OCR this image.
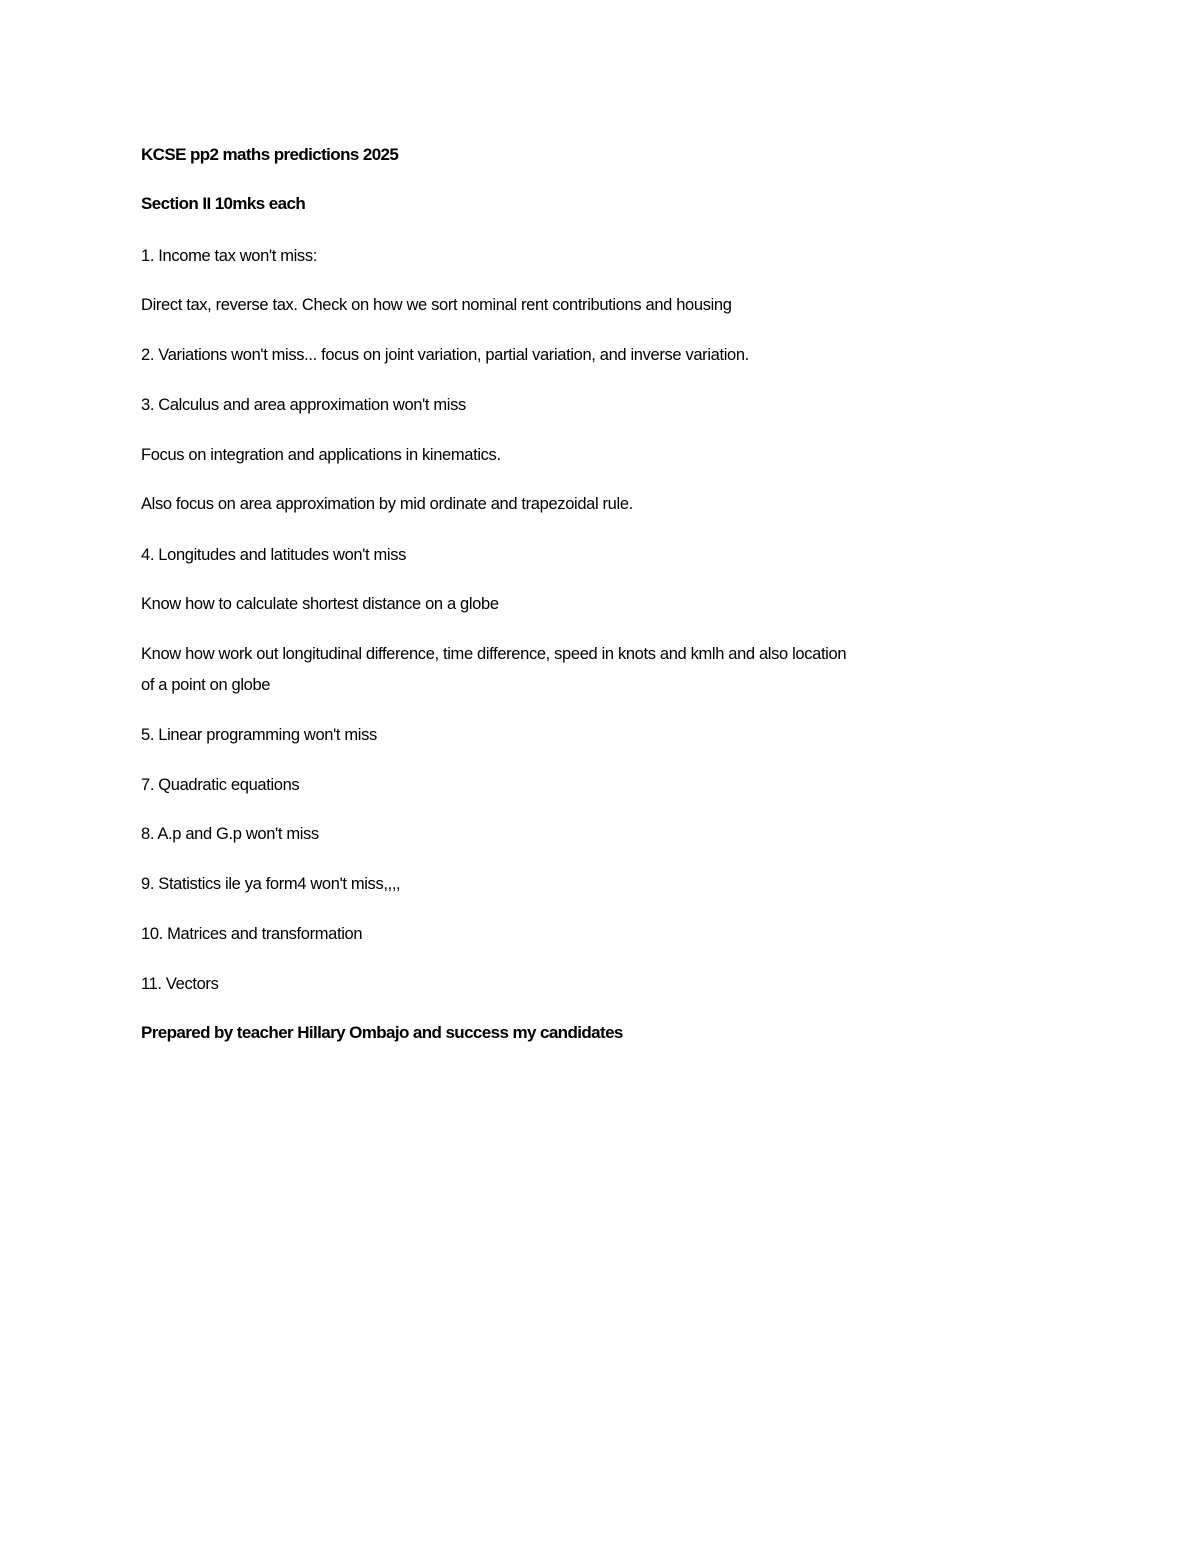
KCSE pp2 maths predictions 2025
Section II 10mks each
1. Income tax won't miss:
Direct tax, reverse tax. Check on how we sort nominal rent contributions and housing
2. Variations won't miss... focus on joint variation, partial variation, and inverse variation.
3. Calculus and area approximation won't miss
Focus on integration and applications in kinematics.
Also focus on area approximation by mid ordinate and trapezoidal rule.
4. Longitudes and latitudes won't miss
Know how to calculate shortest distance on a globe
Know how work out longitudinal difference, time difference, speed in knots and kmlh and also location
of a point on globe
5. Linear programming won't miss
7. Quadratic equations
8. A.p and G.p won't miss
9. Statistics ile ya form4 won't miss,,,,
10. Matrices and transformation
11. Vectors
Prepared by teacher Hillary Ombajo and success my candidates
